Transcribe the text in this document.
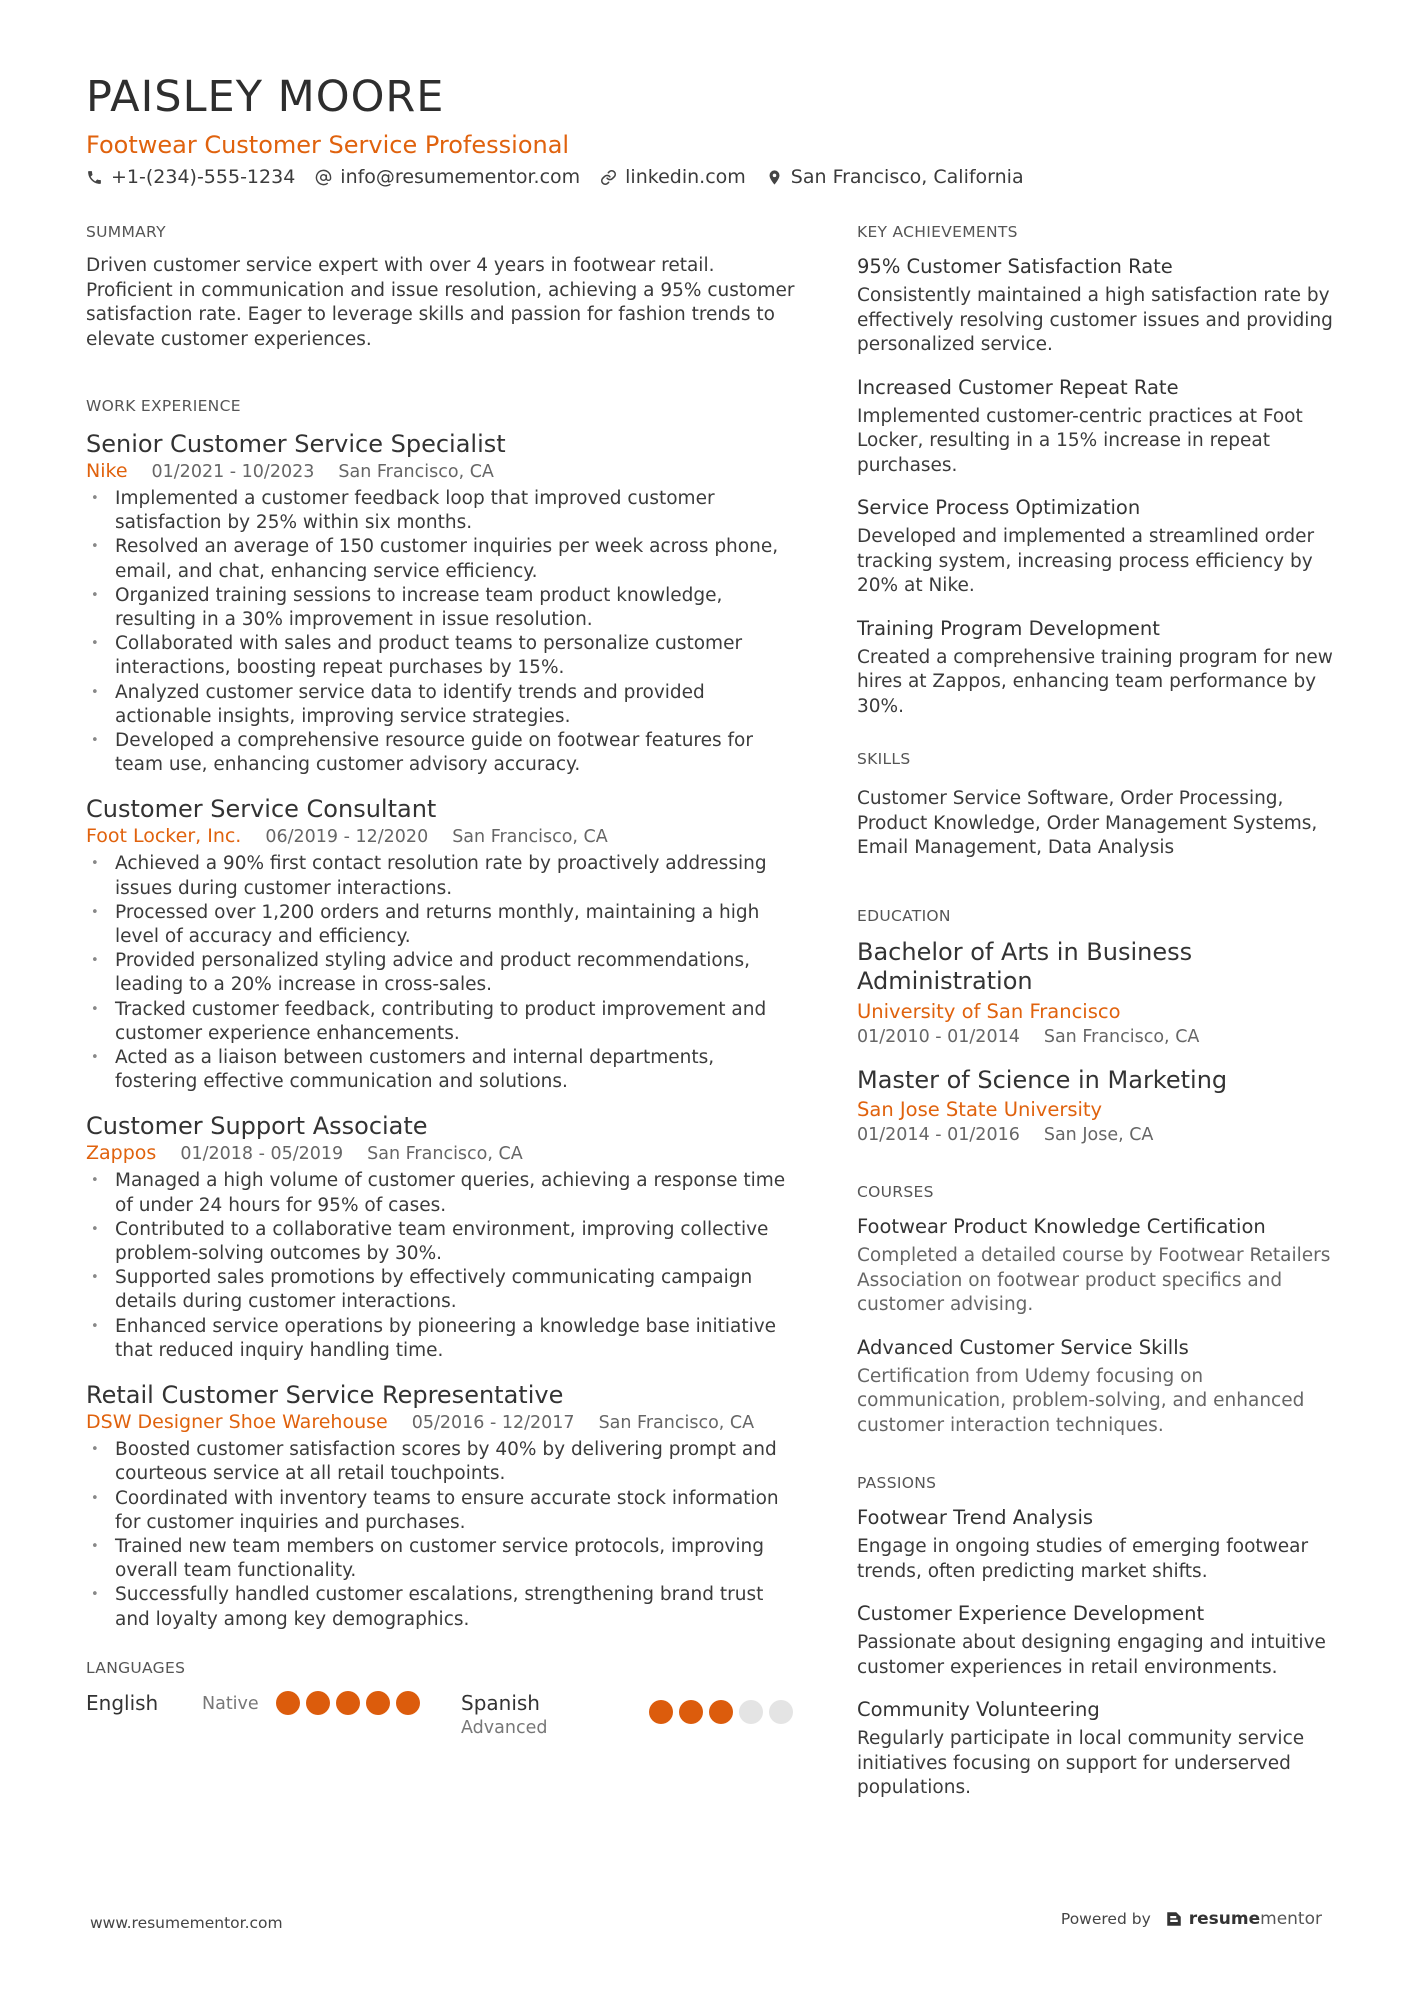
PAISLEY MOORE
Footwear Customer Service Professional
+1-(234)-555-1234 info@resumementor.com linkedin.com San Francisco, California
SUMMARY
Driven customer service expert with over 4 years in footwear retail. Proficient in communication and issue resolution, achieving a 95% customer satisfaction rate. Eager to leverage skills and passion for fashion trends to elevate customer experiences.
WORK EXPERIENCE
Senior Customer Service Specialist
Nike 01/2021 - 10/2023 San Francisco, CA
• Implemented a customer feedback loop that improved customer satisfaction by 25% within six months.
• Resolved an average of 150 customer inquiries per week across phone, email, and chat, enhancing service efficiency.
• Organized training sessions to increase team product knowledge, resulting in a 30% improvement in issue resolution.
• Collaborated with sales and product teams to personalize customer interactions, boosting repeat purchases by 15%.
• Analyzed customer service data to identify trends and provided actionable insights, improving service strategies.
• Developed a comprehensive resource guide on footwear features for team use, enhancing customer advisory accuracy.
Customer Service Consultant
Foot Locker, Inc. 06/2019 - 12/2020 San Francisco, CA
• Achieved a 90% first contact resolution rate by proactively addressing issues during customer interactions.
• Processed over 1,200 orders and returns monthly, maintaining a high level of accuracy and efficiency.
• Provided personalized styling advice and product recommendations, leading to a 20% increase in cross-sales.
• Tracked customer feedback, contributing to product improvement and customer experience enhancements.
• Acted as a liaison between customers and internal departments, fostering effective communication and solutions.
Customer Support Associate
Zappos 01/2018 - 05/2019 San Francisco, CA
• Managed a high volume of customer queries, achieving a response time of under 24 hours for 95% of cases.
• Contributed to a collaborative team environment, improving collective problem-solving outcomes by 30%.
• Supported sales promotions by effectively communicating campaign details during customer interactions.
• Enhanced service operations by pioneering a knowledge base initiative that reduced inquiry handling time.
Retail Customer Service Representative
DSW Designer Shoe Warehouse 05/2016 - 12/2017 San Francisco, CA
• Boosted customer satisfaction scores by 40% by delivering prompt and courteous service at all retail touchpoints.
• Coordinated with inventory teams to ensure accurate stock information for customer inquiries and purchases.
• Trained new team members on customer service protocols, improving overall team functionality.
• Successfully handled customer escalations, strengthening brand trust and loyalty among key demographics.
LANGUAGES
English	Native	Spanish
Advanced
KEY ACHIEVEMENTS
95% Customer Satisfaction Rate
Consistently maintained a high satisfaction rate by effectively resolving customer issues and providing personalized service.
Increased Customer Repeat Rate
Implemented customer-centric practices at Foot Locker, resulting in a 15% increase in repeat purchases.
Service Process Optimization
Developed and implemented a streamlined order tracking system, increasing process efficiency by 20% at Nike.
Training Program Development
Created a comprehensive training program for new hires at Zappos, enhancing team performance by 30%.
SKILLS
Customer Service Software, Order Processing, Product Knowledge, Order Management Systems, Email Management, Data Analysis
EDUCATION
Bachelor of Arts in Business Administration
University of San Francisco
01/2010 - 01/2014 San Francisco, CA
Master of Science in Marketing
San Jose State University
01/2014 - 01/2016 San Jose, CA
COURSES
Footwear Product Knowledge Certification
Completed a detailed course by Footwear Retailers Association on footwear product specifics and customer advising.
Advanced Customer Service Skills
Certification from Udemy focusing on communication, problem-solving, and enhanced customer interaction techniques.
PASSIONS
Footwear Trend Analysis
Engage in ongoing studies of emerging footwear trends, often predicting market shifts.
Customer Experience Development
Passionate about designing engaging and intuitive customer experiences in retail environments.
Community Volunteering
Regularly participate in local community service initiatives focusing on support for underserved populations.
www.resumementor.com	Powered by resumementor
